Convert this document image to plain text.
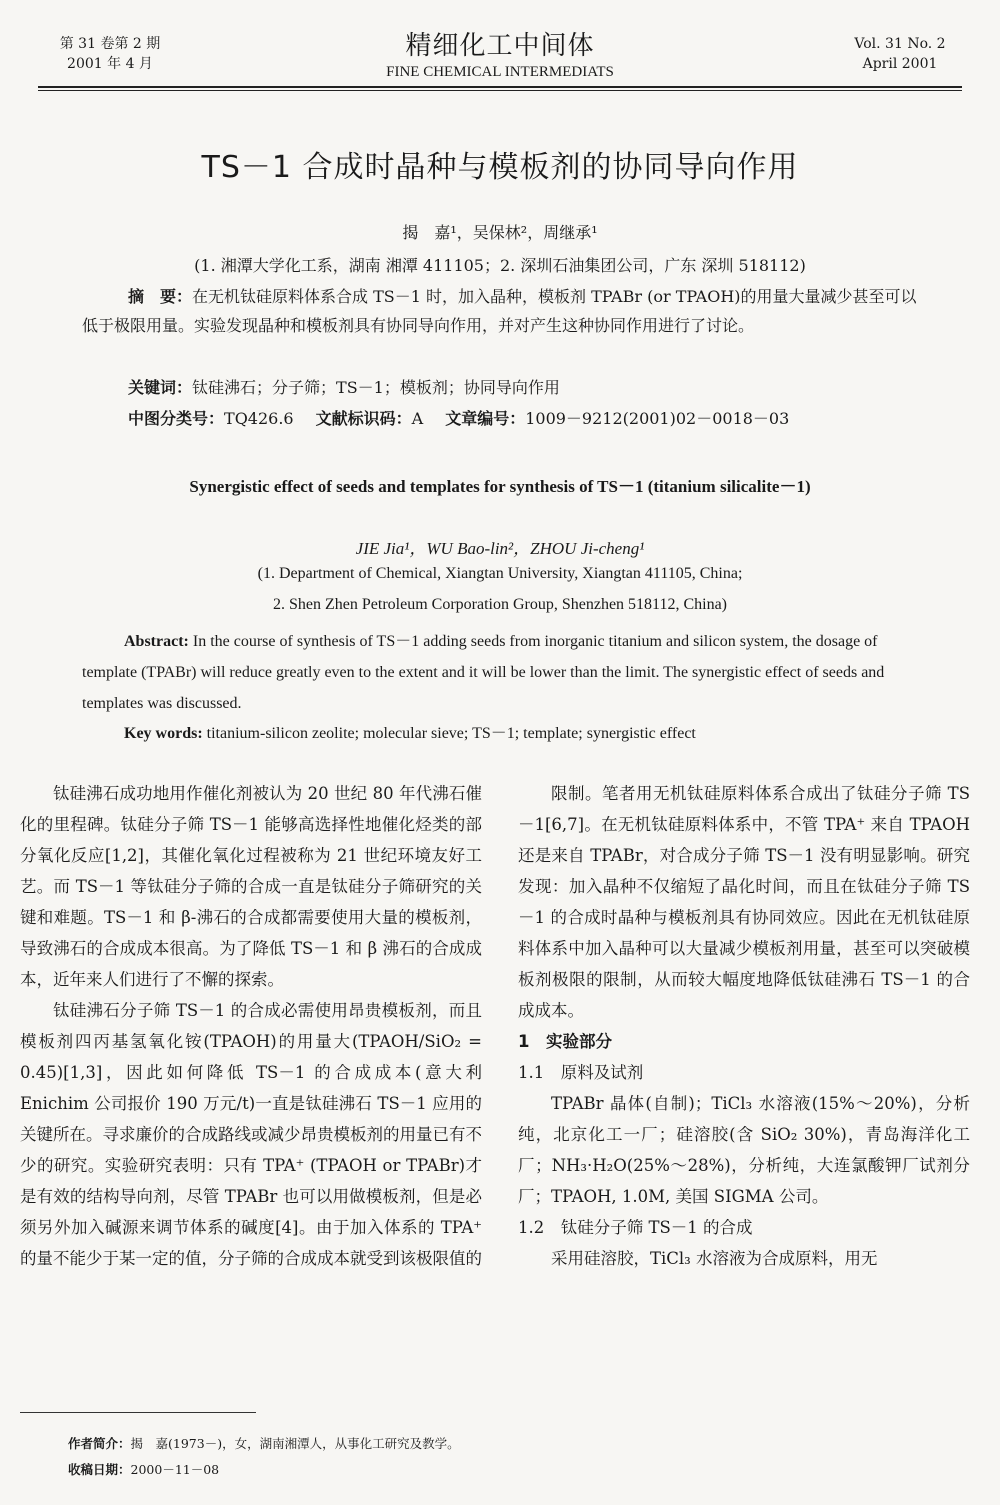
第 31 卷第 2 期
2001 年 4 月
精细化工中间体
FINE CHEMICAL INTERMEDIATS
Vol. 31 No. 2
April 2001
TS－1 合成时晶种与模板剂的协同导向作用
揭　嘉¹，吴保林²，周继承¹
(1. 湘潭大学化工系，湖南 湘潭 411105；2. 深圳石油集团公司，广东 深圳 518112)
摘　要：在无机钛硅原料体系合成 TS－1 时，加入晶种，模板剂 TPABr (or TPAOH)的用量大量减少甚至可以低于极限用量。实验发现晶种和模板剂具有协同导向作用，并对产生这种协同作用进行了讨论。
关键词：钛硅沸石；分子筛；TS－1；模板剂；协同导向作用
中图分类号：TQ426.6 文献标识码：A 文章编号：1009－9212(2001)02－0018－03
Synergistic effect of seeds and templates for synthesis of TS－1 (titanium silicalite－1)
JIE Jia¹，WU Bao-lin²，ZHOU Ji-cheng¹
(1. Department of Chemical, Xiangtan University, Xiangtan 411105, China;
2. Shen Zhen Petroleum Corporation Group, Shenzhen 518112, China)
Abstract: In the course of synthesis of TS－1 adding seeds from inorganic titanium and silicon system, the dosage of template (TPABr) will reduce greatly even to the extent and it will be lower than the limit. The synergistic effect of seeds and templates was discussed.
Key words: titanium-silicon zeolite; molecular sieve; TS－1; template; synergistic effect

钛硅沸石成功地用作催化剂被认为 20 世纪 80 年代沸石催化的里程碑。钛硅分子筛 TS－1 能够高选择性地催化烃类的部分氧化反应[1,2]，其催化氧化过程被称为 21 世纪环境友好工艺。而 TS－1 等钛硅分子筛的合成一直是钛硅分子筛研究的关键和难题。TS－1 和 β-沸石的合成都需要使用大量的模板剂，导致沸石的合成成本很高。为了降低 TS－1 和 β 沸石的合成成本，近年来人们进行了不懈的探索。

钛硅沸石分子筛 TS－1 的合成必需使用昂贵模板剂，而且模板剂四丙基氢氧化铵(TPAOH)的用量大(TPAOH/SiO₂ = 0.45)[1,3]，因此如何降低 TS－1 的合成成本(意大利 Enichim 公司报价 190 万元/t)一直是钛硅沸石 TS－1 应用的关键所在。寻求廉价的合成路线或减少昂贵模板剂的用量已有不少的研究。实验研究表明：只有 TPA⁺ (TPAOH or TPABr)才是有效的结构导向剂，尽管 TPABr 也可以用做模板剂，但是必须另外加入碱源来调节体系的碱度[4]。由于加入体系的 TPA⁺ 的量不能少于某一定的值，分子筛的合成成本就受到该极限值的

限制。笔者用无机钛硅原料体系合成出了钛硅分子筛 TS－1[6,7]。在无机钛硅原料体系中，不管 TPA⁺ 来自 TPAOH 还是来自 TPABr，对合成分子筛 TS－1 没有明显影响。研究发现：加入晶种不仅缩短了晶化时间，而且在钛硅分子筛 TS－1 的合成时晶种与模板剂具有协同效应。因此在无机钛硅原料体系中加入晶种可以大量减少模板剂用量，甚至可以突破模板剂极限的限制，从而较大幅度地降低钛硅沸石 TS－1 的合成成本。

1　实验部分

1.1　原料及试剂

TPABr 晶体(自制)；TiCl₃ 水溶液(15%～20%)，分析纯，北京化工一厂；硅溶胶(含 SiO₂ 30%)，青岛海洋化工厂；NH₃·H₂O(25%～28%)，分析纯，大连氯酸钾厂试剂分厂；TPAOH, 1.0M, 美国 SIGMA 公司。

1.2　钛硅分子筛 TS－1 的合成

采用硅溶胶，TiCl₃ 水溶液为合成原料，用无

作者简介：揭　嘉(1973－)，女，湖南湘潭人，从事化工研究及教学。
收稿日期：2000－11－08
